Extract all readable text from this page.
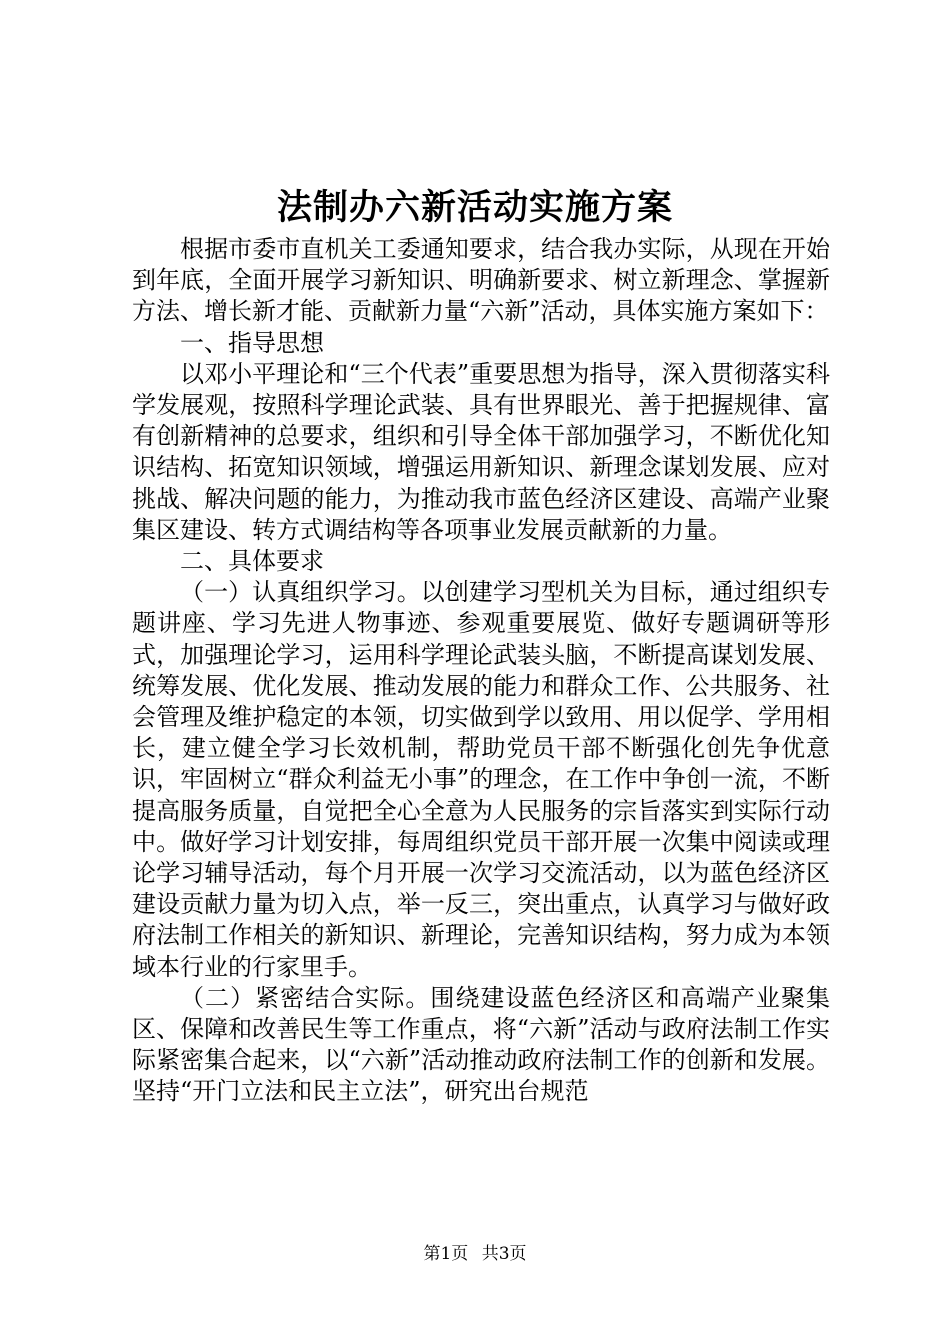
法制办六新活动实施方案

根据市委市直机关工委通知要求，结合我办实际，从现在开始到年底，全面开展学习新知识、明确新要求、树立新理念、掌握新方法、增长新才能、贡献新力量“六新”活动，具体实施方案如下：

一、指导思想

以邓小平理论和“三个代表”重要思想为指导，深入贯彻落实科学发展观，按照科学理论武装、具有世界眼光、善于把握规律、富有创新精神的总要求，组织和引导全体干部加强学习，不断优化知识结构、拓宽知识领域，增强运用新知识、新理念谋划发展、应对挑战、解决问题的能力，为推动我市蓝色经济区建设、高端产业聚集区建设、转方式调结构等各项事业发展贡献新的力量。

二、具体要求

（一）认真组织学习。以创建学习型机关为目标，通过组织专题讲座、学习先进人物事迹、参观重要展览、做好专题调研等形式，加强理论学习，运用科学理论武装头脑，不断提高谋划发展、统筹发展、优化发展、推动发展的能力和群众工作、公共服务、社会管理及维护稳定的本领，切实做到学以致用、用以促学、学用相长，建立健全学习长效机制，帮助党员干部不断强化创先争优意识，牢固树立“群众利益无小事”的理念，在工作中争创一流，不断提高服务质量，自觉把全心全意为人民服务的宗旨落实到实际行动中。做好学习计划安排，每周组织党员干部开展一次集中阅读或理论学习辅导活动，每个月开展一次学习交流活动，以为蓝色经济区建设贡献力量为切入点，举一反三，突出重点，认真学习与做好政府法制工作相关的新知识、新理论，完善知识结构，努力成为本领域本行业的行家里手。

（二）紧密结合实际。围绕建设蓝色经济区和高端产业聚集区、保障和改善民生等工作重点，将“六新”活动与政府法制工作实际紧密集合起来，以“六新”活动推动政府法制工作的创新和发展。坚持“开门立法和民主立法”，研究出台规范

第1页 共3页
